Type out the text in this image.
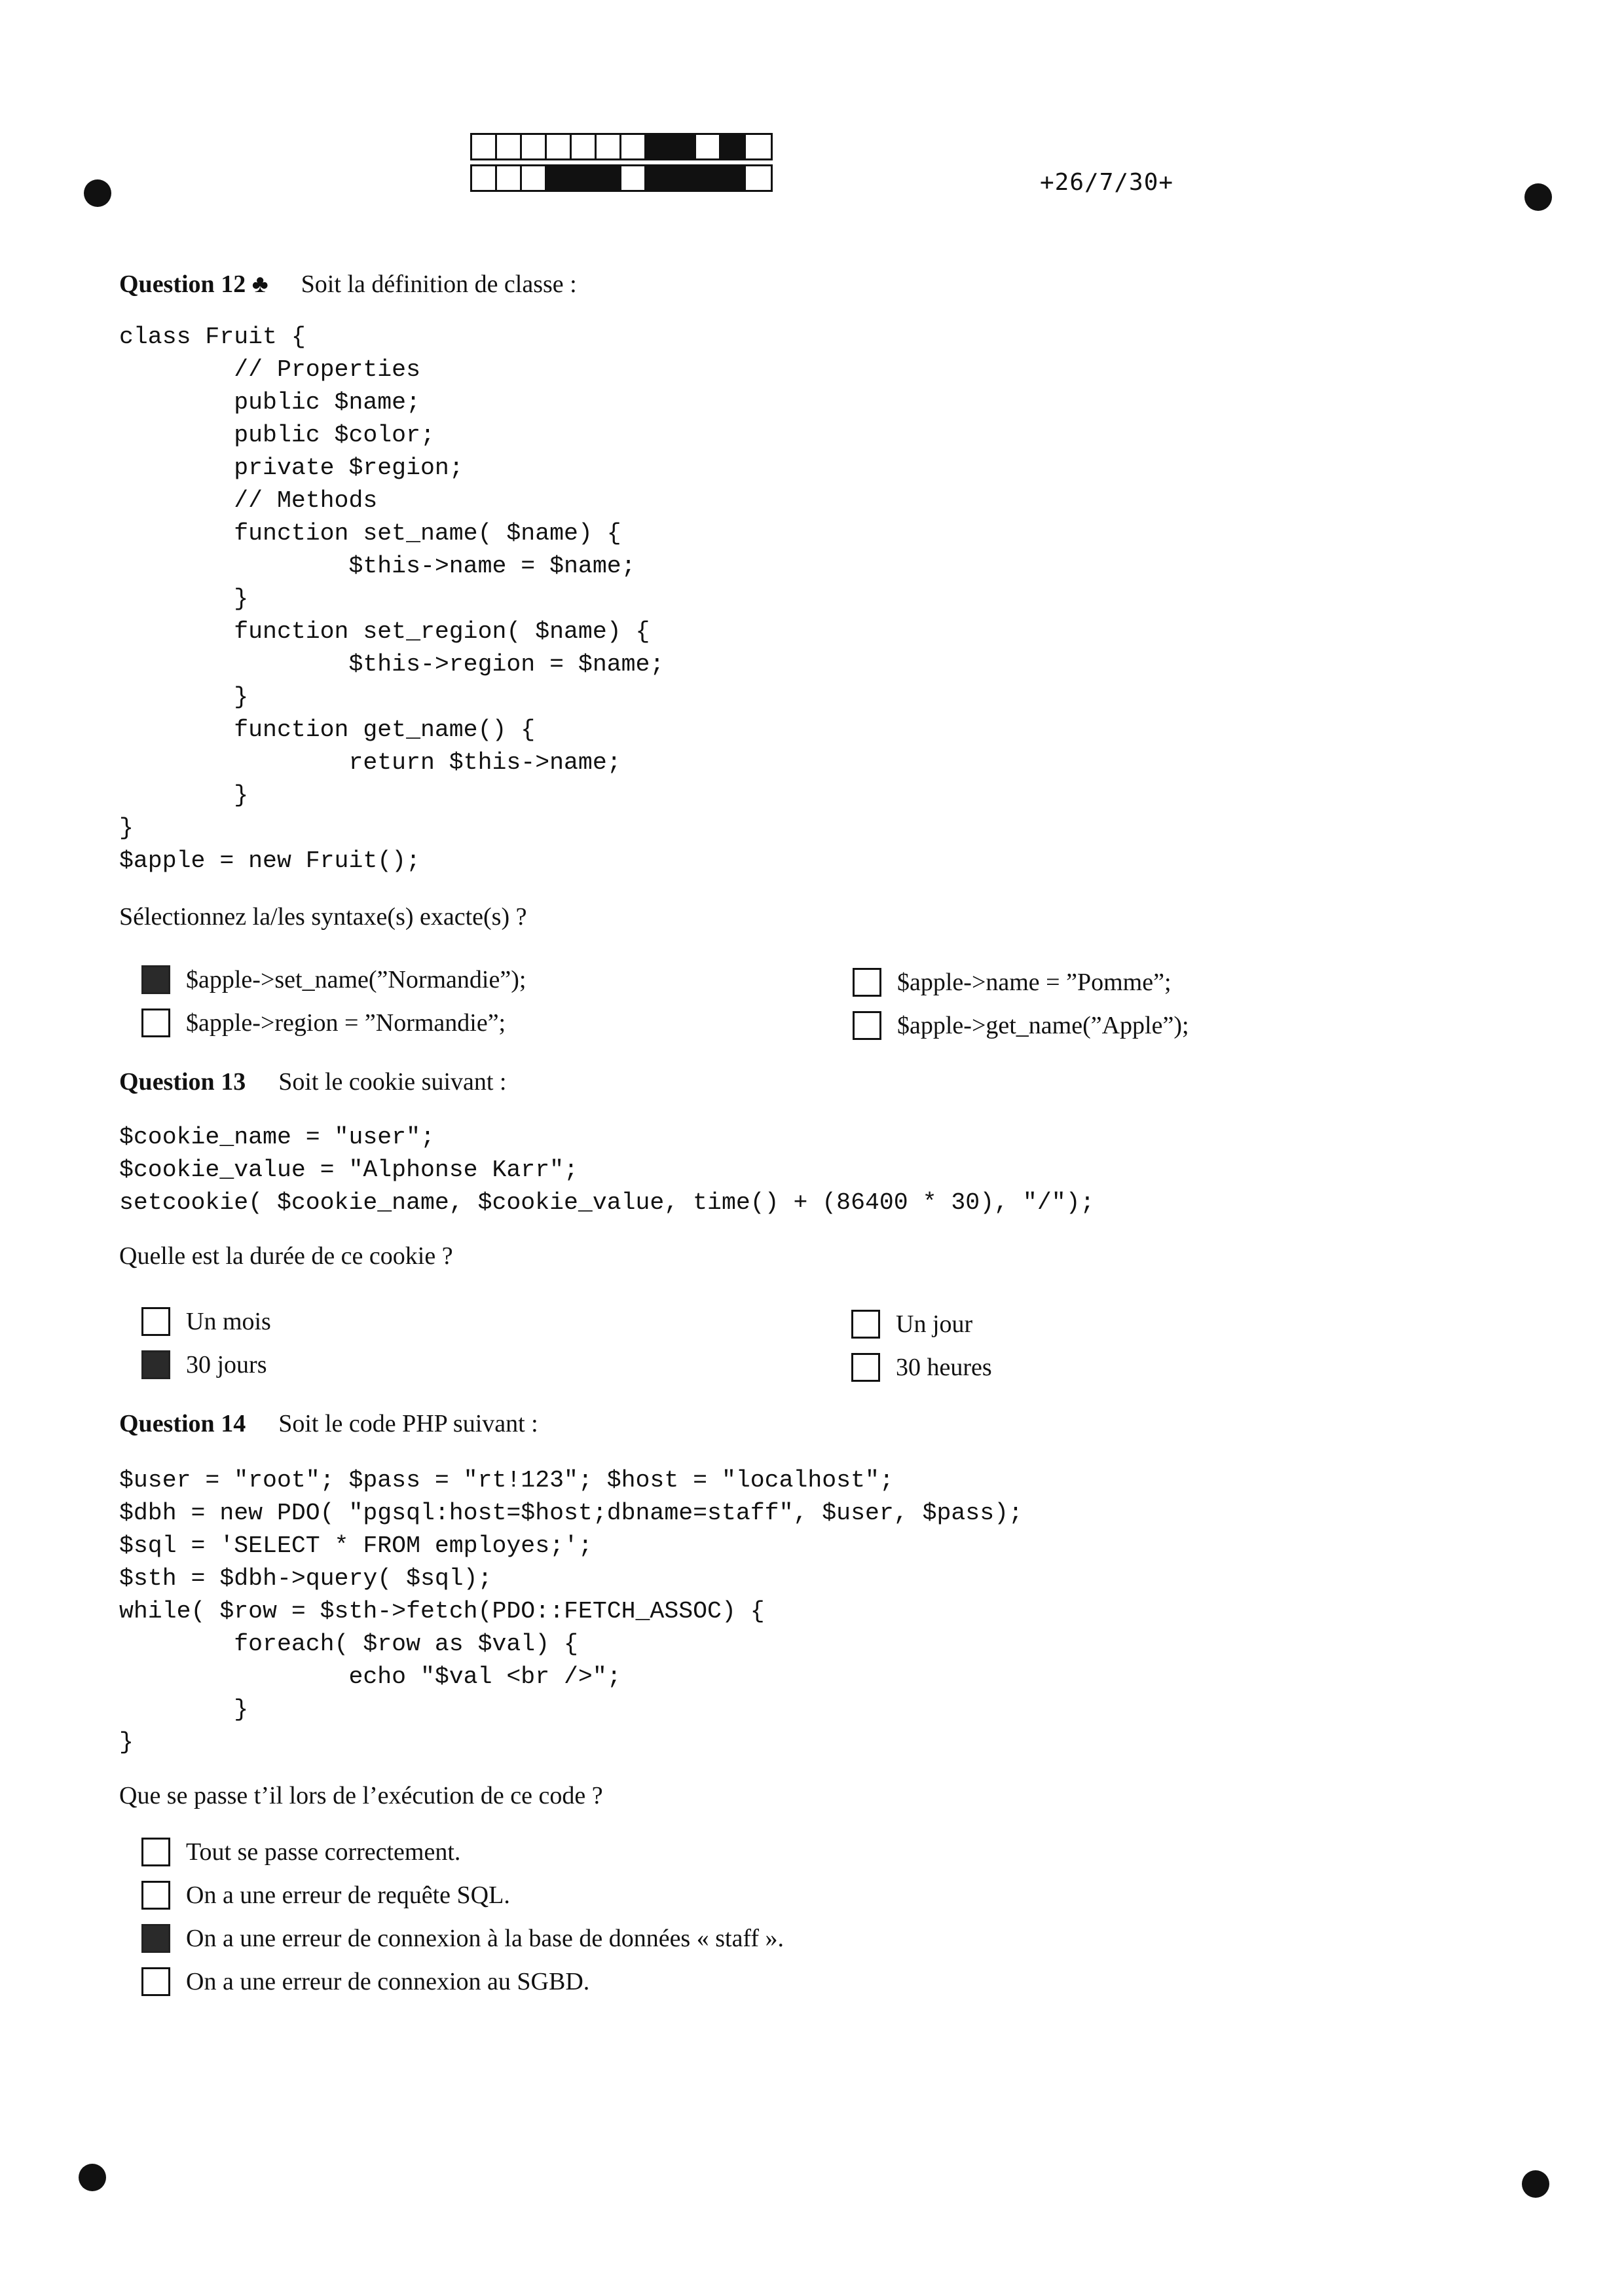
+26/7/30+
Question 12 ♣ Soit la définition de classe :
class Fruit {
// Properties
public $name;
public $color;
private $region;
// Methods
function set_name( $name) {
$this->name = $name;
}
function set_region( $name) {
$this->region = $name;
}
function get_name() {
return $this->name;
}
}
$apple = new Fruit();
Sélectionnez la/les syntaxe(s) exacte(s) ?
$apple->set_name(”Normandie”);
$apple->region = ”Normandie”;
$apple->name = ”Pomme”;
$apple->get_name(”Apple”);
Question 13 Soit le cookie suivant :
$cookie_name = "user";
$cookie_value = "Alphonse Karr";
setcookie( $cookie_name, $cookie_value, time() + (86400 * 30), "/");
Quelle est la durée de ce cookie ?
Un mois
30 jours
Un jour
30 heures
Question 14 Soit le code PHP suivant :
$user = "root"; $pass = "rt!123"; $host = "localhost";
$dbh = new PDO( "pgsql:host=$host;dbname=staff", $user, $pass);
$sql = 'SELECT * FROM employes;';
$sth = $dbh->query( $sql);
while( $row = $sth->fetch(PDO::FETCH_ASSOC) {
foreach( $row as $val) {
echo "$val <br />";
}
}
Que se passe t’il lors de l’exécution de ce code ?
Tout se passe correctement.
On a une erreur de requête SQL.
On a une erreur de connexion à la base de données « staff ».
On a une erreur de connexion au SGBD.
